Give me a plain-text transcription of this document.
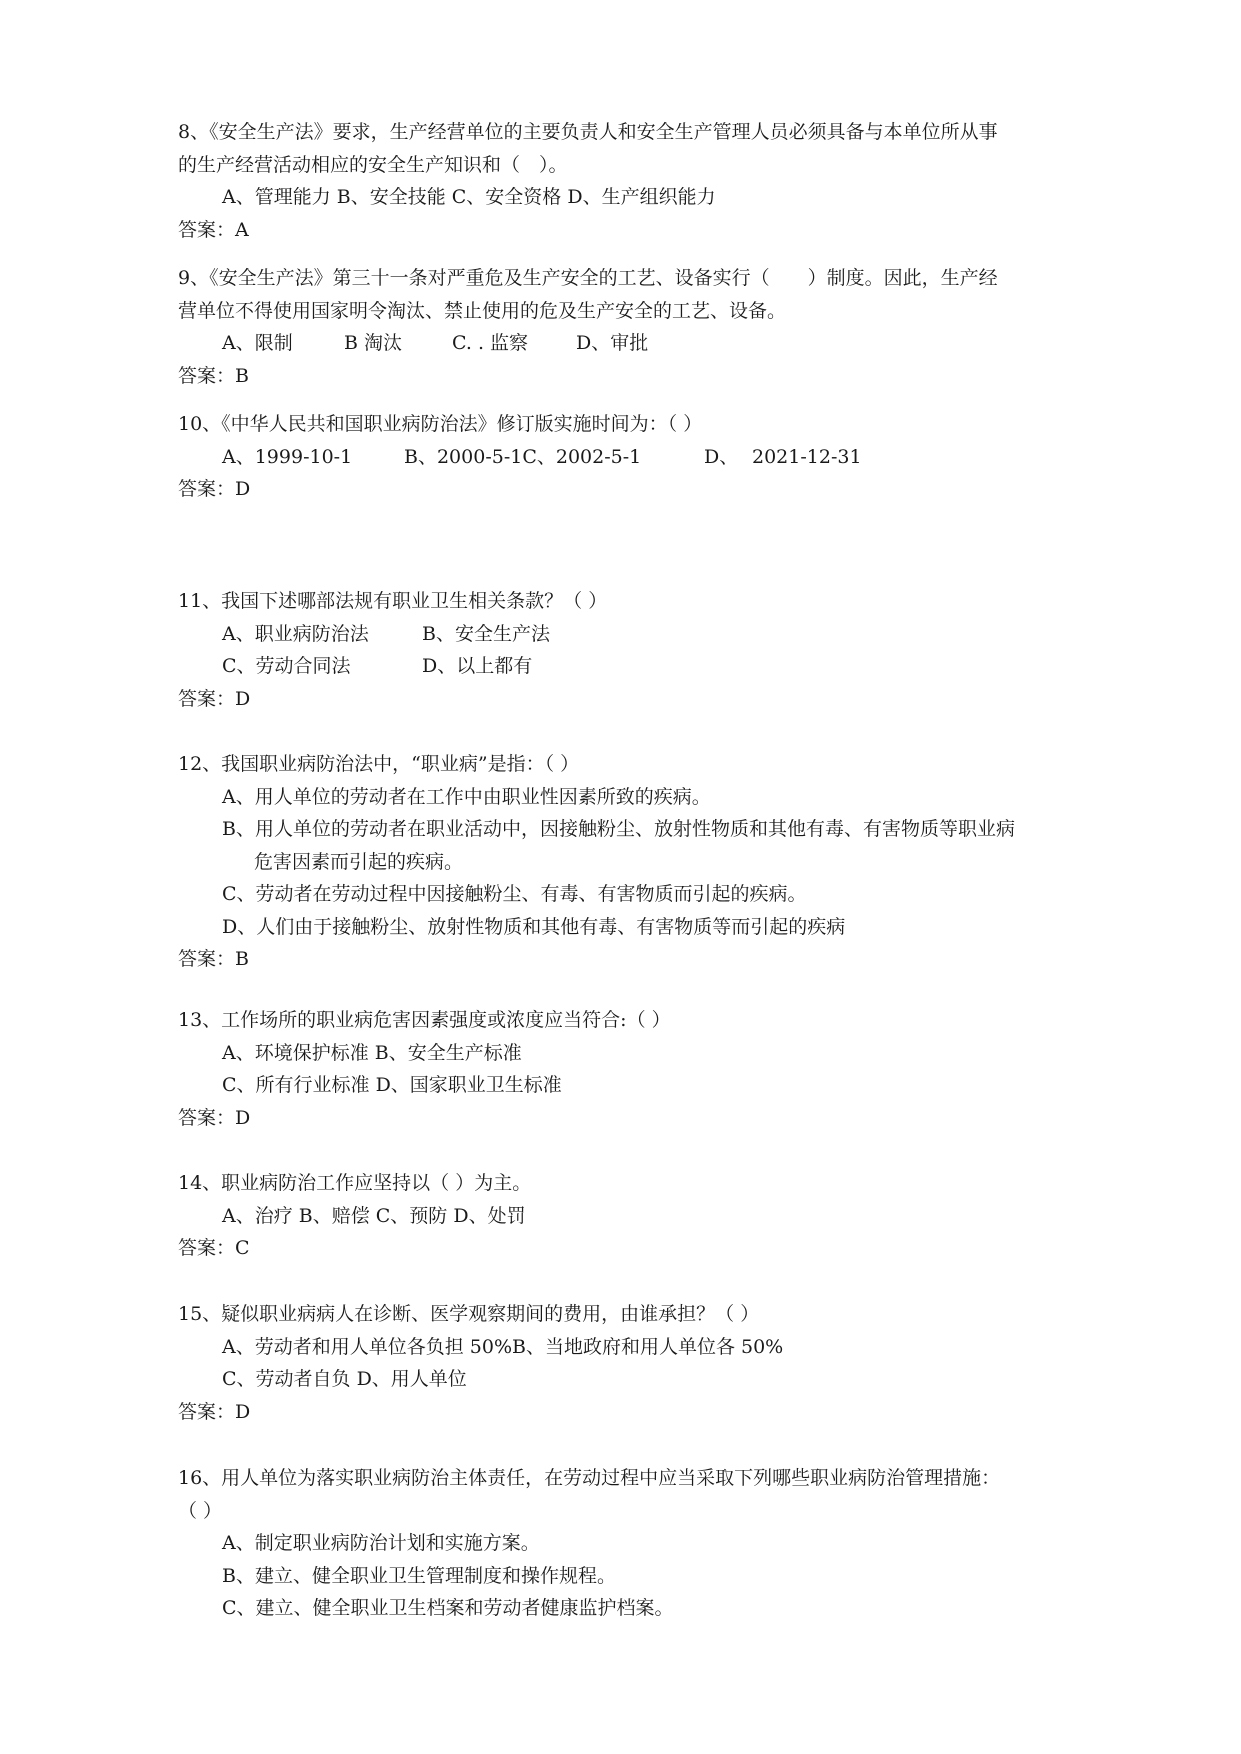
8、《安全生产法》要求，生产经营单位的主要负责人和安全生产管理人员必须具备与本单位所从事
的生产经营活动相应的安全生产知识和（　）。
A、管理能力 B、安全技能 C、安全资格 D、生产组织能力
答案：A
9、《安全生产法》第三十一条对严重危及生产安全的工艺、设备实行（　　）制度。因此，生产经
营单位不得使用国家明令淘汰、禁止使用的危及生产安全的工艺、设备。
A、限制	B 淘汰	C. . 监察	D、审批
答案：B
10、《中华人民共和国职业病防治法》修订版实施时间为：（ ）
A、1999-10-1	B、2000-5-1C、2002-5-1	D、 2021-12-31
答案：D
11、我国下述哪部法规有职业卫生相关条款？（ ）
A、职业病防治法	B、安全生产法
C、劳动合同法	D、以上都有
答案：D
12、我国职业病防治法中，“职业病”是指：（ ）
A、用人单位的劳动者在工作中由职业性因素所致的疾病。
B、用人单位的劳动者在职业活动中，因接触粉尘、放射性物质和其他有毒、有害物质等职业病
危害因素而引起的疾病。
C、劳动者在劳动过程中因接触粉尘、有毒、有害物质而引起的疾病。
D、人们由于接触粉尘、放射性物质和其他有毒、有害物质等而引起的疾病
答案：B
13、工作场所的职业病危害因素强度或浓度应当符合:（ ）
A、环境保护标准 B、安全生产标准
C、所有行业标准 D、国家职业卫生标准
答案：D
14、职业病防治工作应坚持以（ ）为主。
A、治疗 B、赔偿 C、预防 D、处罚
答案：C
15、疑似职业病病人在诊断、医学观察期间的费用，由谁承担？（ ）
A、劳动者和用人单位各负担 50%B、当地政府和用人单位各 50%
C、劳动者自负 D、用人单位
答案：D
16、用人单位为落实职业病防治主体责任，在劳动过程中应当采取下列哪些职业病防治管理措施：
（ ）
A、制定职业病防治计划和实施方案。
B、建立、健全职业卫生管理制度和操作规程。
C、建立、健全职业卫生档案和劳动者健康监护档案。
